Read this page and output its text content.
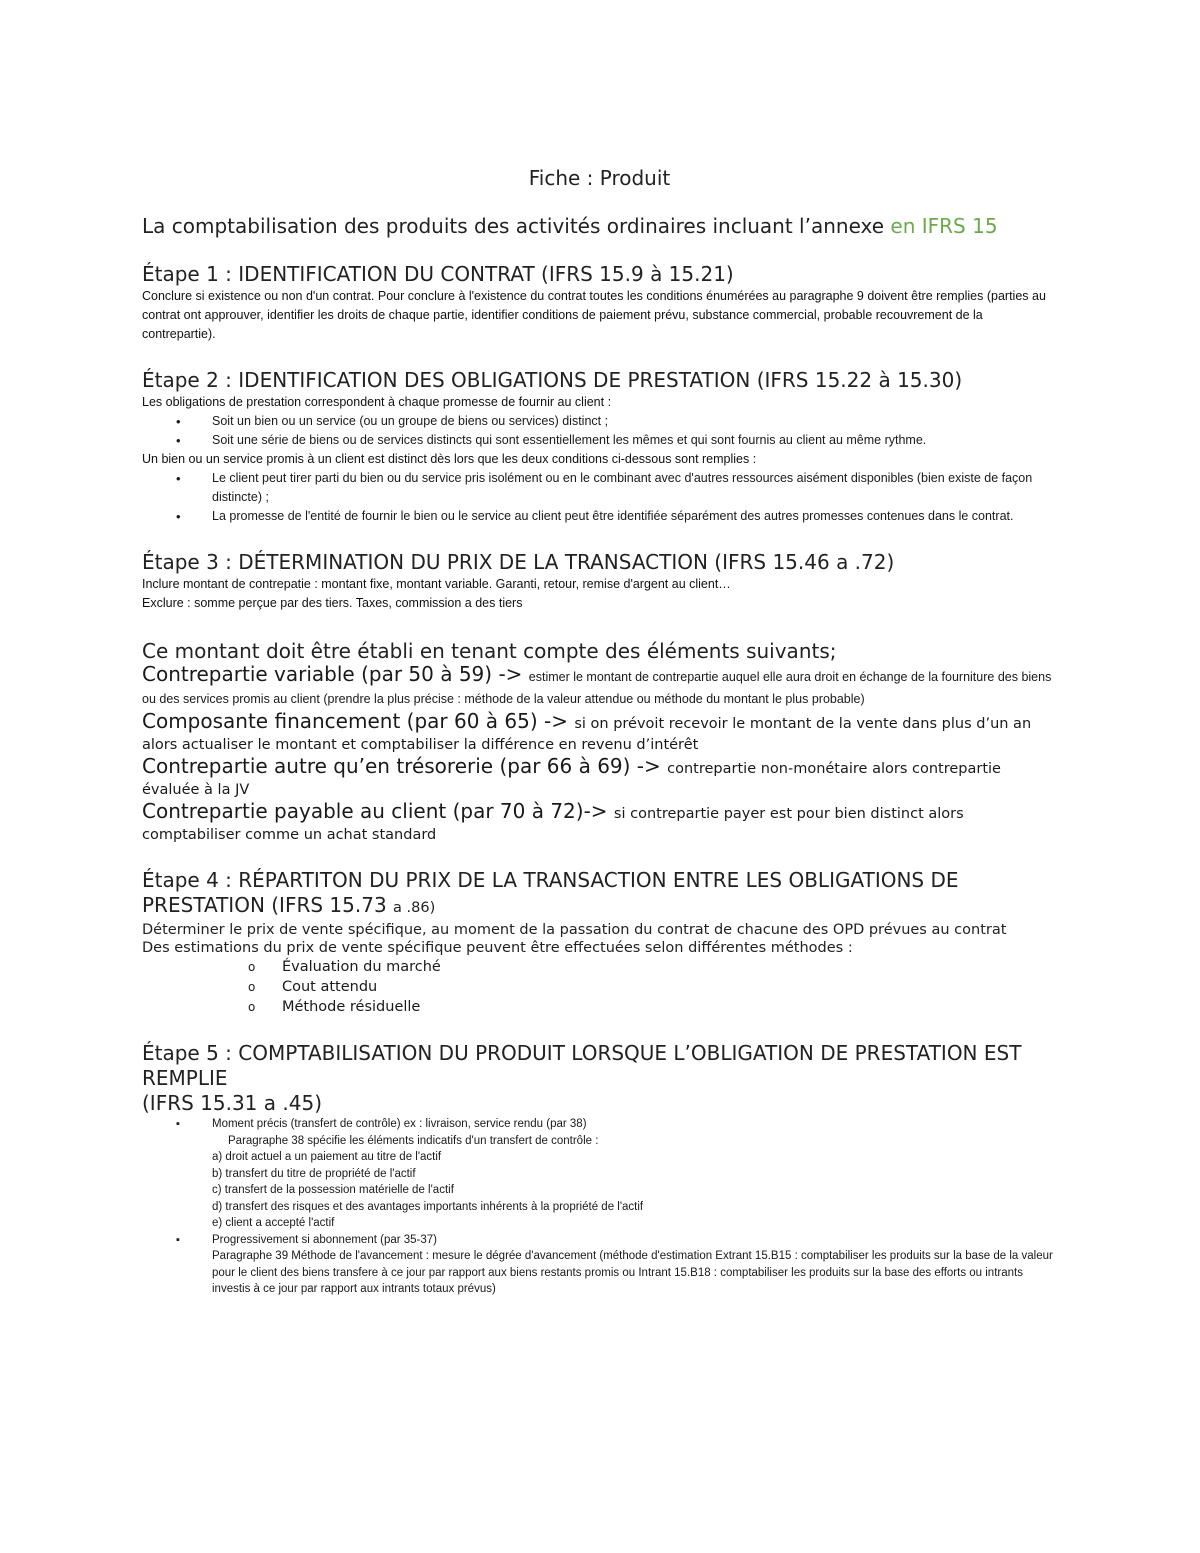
Fiche : Produit

La comptabilisation des produits des activités ordinaires incluant l’annexe en IFRS 15

Étape 1 : IDENTIFICATION DU CONTRAT (IFRS 15.9 à 15.21)

Conclure si existence ou non d'un contrat. Pour conclure à l'existence du contrat toutes les conditions énumérées au paragraphe 9 doivent être remplies (parties au contrat ont approuver, identifier les droits de chaque partie, identifier conditions de paiement prévu, substance commercial, probable recouvrement de la contrepartie).

Étape 2 : IDENTIFICATION DES OBLIGATIONS DE PRESTATION (IFRS 15.22 à 15.30)

Les obligations de prestation correspondent à chaque promesse de fournir au client :

• Soit un bien ou un service (ou un groupe de biens ou services) distinct ;
• Soit une série de biens ou de services distincts qui sont essentiellement les mêmes et qui sont fournis au client au même rythme.

Un bien ou un service promis à un client est distinct dès lors que les deux conditions ci-dessous sont remplies :

• Le client peut tirer parti du bien ou du service pris isolément ou en le combinant avec d'autres ressources aisément disponibles (bien existe de façon distincte) ;
• La promesse de l'entité de fournir le bien ou le service au client peut être identifiée séparément des autres promesses contenues dans le contrat.
Étape 3 : DÉTERMINATION DU PRIX DE LA TRANSACTION (IFRS 15.46 a .72)

Inclure montant de contrepatie : montant fixe, montant variable. Garanti, retour, remise d'argent au client…

Exclure : somme perçue par des tiers. Taxes, commission a des tiers

Ce montant doit être établi en tenant compte des éléments suivants;

Contrepartie variable (par 50 à 59) -> estimer le montant de contrepartie auquel elle aura droit en échange de la fourniture des biens ou des services promis au client (prendre la plus précise : méthode de la valeur attendue ou méthode du montant le plus probable)

Composante financement (par 60 à 65) -> si on prévoit recevoir le montant de la vente dans plus d’un an alors actualiser le montant et comptabiliser la différence en revenu d’intérêt

Contrepartie autre qu’en trésorerie (par 66 à 69) -> contrepartie non-monétaire alors contrepartie évaluée à la JV

Contrepartie payable au client (par 70 à 72)-> si contrepartie payer est pour bien distinct alors comptabiliser comme un achat standard

Étape 4 : RÉPARTITON DU PRIX DE LA TRANSACTION ENTRE LES OBLIGATIONS DE PRESTATION (IFRS 15.73 a .86)

Déterminer le prix de vente spécifique, au moment de la passation du contrat de chacune des OPD prévues au contrat

Des estimations du prix de vente spécifique peuvent être effectuées selon différentes méthodes :

o Évaluation du marché
o Cout attendu
o Méthode résiduelle
Étape 5 : COMPTABILISATION DU PRODUIT LORSQUE L’OBLIGATION DE PRESTATION EST REMPLIE
(IFRS 15.31 a .45)
▪ Moment précis (transfert de contrôle) ex : livraison, service rendu (par 38)

Paragraphe 38 spécifie les éléments indicatifs d'un transfert de contrôle :

a) droit actuel a un paiement au titre de l'actif

b) transfert du titre de propriété de l'actif

c) transfert de la possession matérielle de l'actif

d) transfert des risques et des avantages importants inhérents à la propriété de l'actif

e) client a accepté l'actif

▪ Progressivement si abonnement (par 35-37)

Paragraphe 39 Méthode de l'avancement : mesure le dégrée d'avancement (méthode d'estimation Extrant 15.B15 : comptabiliser les produits sur la base de la valeur pour le client des biens transfere à ce jour par rapport aux biens restants promis ou Intrant 15.B18 : comptabiliser les produits sur la base des efforts ou intrants investis à ce jour par rapport aux intrants totaux prévus)
